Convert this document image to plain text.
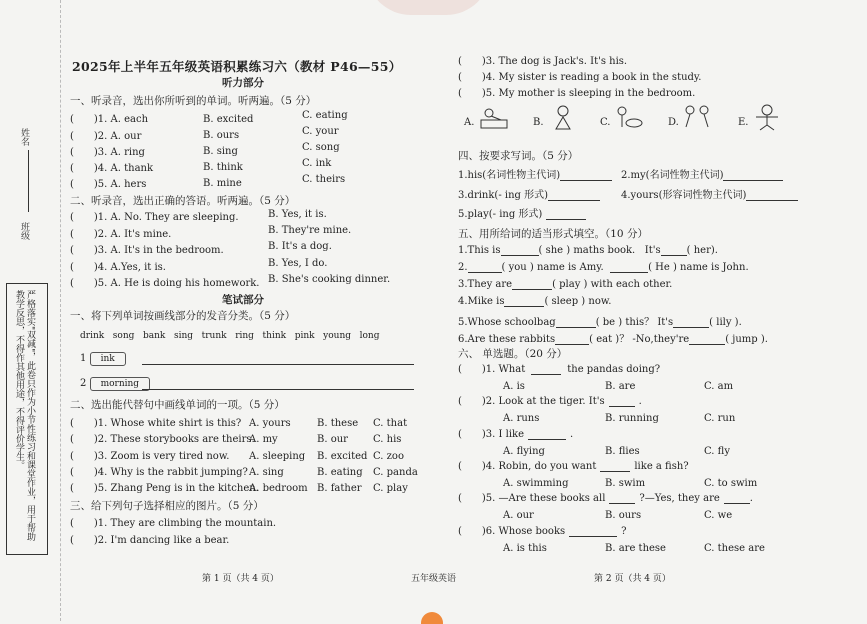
姓名
班级
严格落实"双减"，此卷只作为小节性练习和课堂作业，用于帮助教学反思，不得作其他用途，不得评价学生。
2025年上半年五年级英语积累练习六（教材 P46—55）
听力部分
一、听录音，选出你所听到的单词。听两遍。（5 分）
( )1. A. each	B. excited	C. eating
( )2. A. our	B. ours	C. your
( )3. A. ring	B. sing	C. song
( )4. A. thank	B. think	C. ink
( )5. A. hers	B. mine	C. theirs
二、听录音，选出正确的答语。听两遍。（5 分）
( )1. A. No. They are sleeping.	B. Yes, it is.
( )2. A. It's mine.	B. They're mine.
( )3. A. It's in the bedroom.	B. It's a dog.
( )4. A.Yes, it is.	B. Yes, I do.
( )5. A. He is doing his homework. B. She's cooking dinner.
笔试部分
一、将下列单词按画线部分的发音分类。（5 分）
drink song bank sing trunk ring think pink young long
1 ink
2 morning
二、选出能代替句中画线单词的一项。（5 分）
( )1. Whose white shirt is this? A. yours	B. these C. that
( )2. These storybooks are theirs.
A. my	B. our	C. his
( )3. Zoom is very tired now. A. sleeping B. excited C. zoo
( )4. Why is the rabbit jumping? A. sing	B. eating C. panda
( )5. Zhang Peng is in the kitchen.
A. bedroom B. father C. play
三、给下列句子选择相应的图片。（5 分）
( )1. They are climbing the mountain.
( )2. I'm dancing like a bear.
( )3. The dog is Jack's. It's his.
( )4. My sister is reading a book in the study.
( )5. My mother is sleeping in the bedroom.
A.	B.	C.	D.	E.
四、按要求写词。（5 分）
1.his(名词性物主代词)	2.my(名词性物主代词)
3.drink(- ing 形式)	4.yours(形容词性物主代词)
5.play(- ing 形式)
五、用所给词的适当形式填空。（10 分）
1.This is	( she ) maths book. It's	( her).
2.	( you ) name is Amy.	( He ) name is John.
3.They are	( play ) with each other.
4.Mike is	( sleep ) now.
5.Whose schoolbag	( be ) this？ It's	( lily ).
6.Are these rabbits	( eat )？ -No,they're	( jump ).
六、 单选题。（20 分）
( )1. What	the pandas doing?
A. is	B. are	C. am
( )2. Look at the tiger. It's	.
A. runs	B. running	C. run
( )3. I like	.
A. flying	B. flies	C. fly
( )4. Robin, do you want	like a fish?
A. swimming	B. swim	C. to swim
( )5. —Are these books all	?—Yes, they are	.
A. our	B. ours	C. we
( )6. Whose books	?
A. is this	B. are these	C. these are
第 1 页（共 4 页）	五年级英语	第 2 页（共 4 页）
